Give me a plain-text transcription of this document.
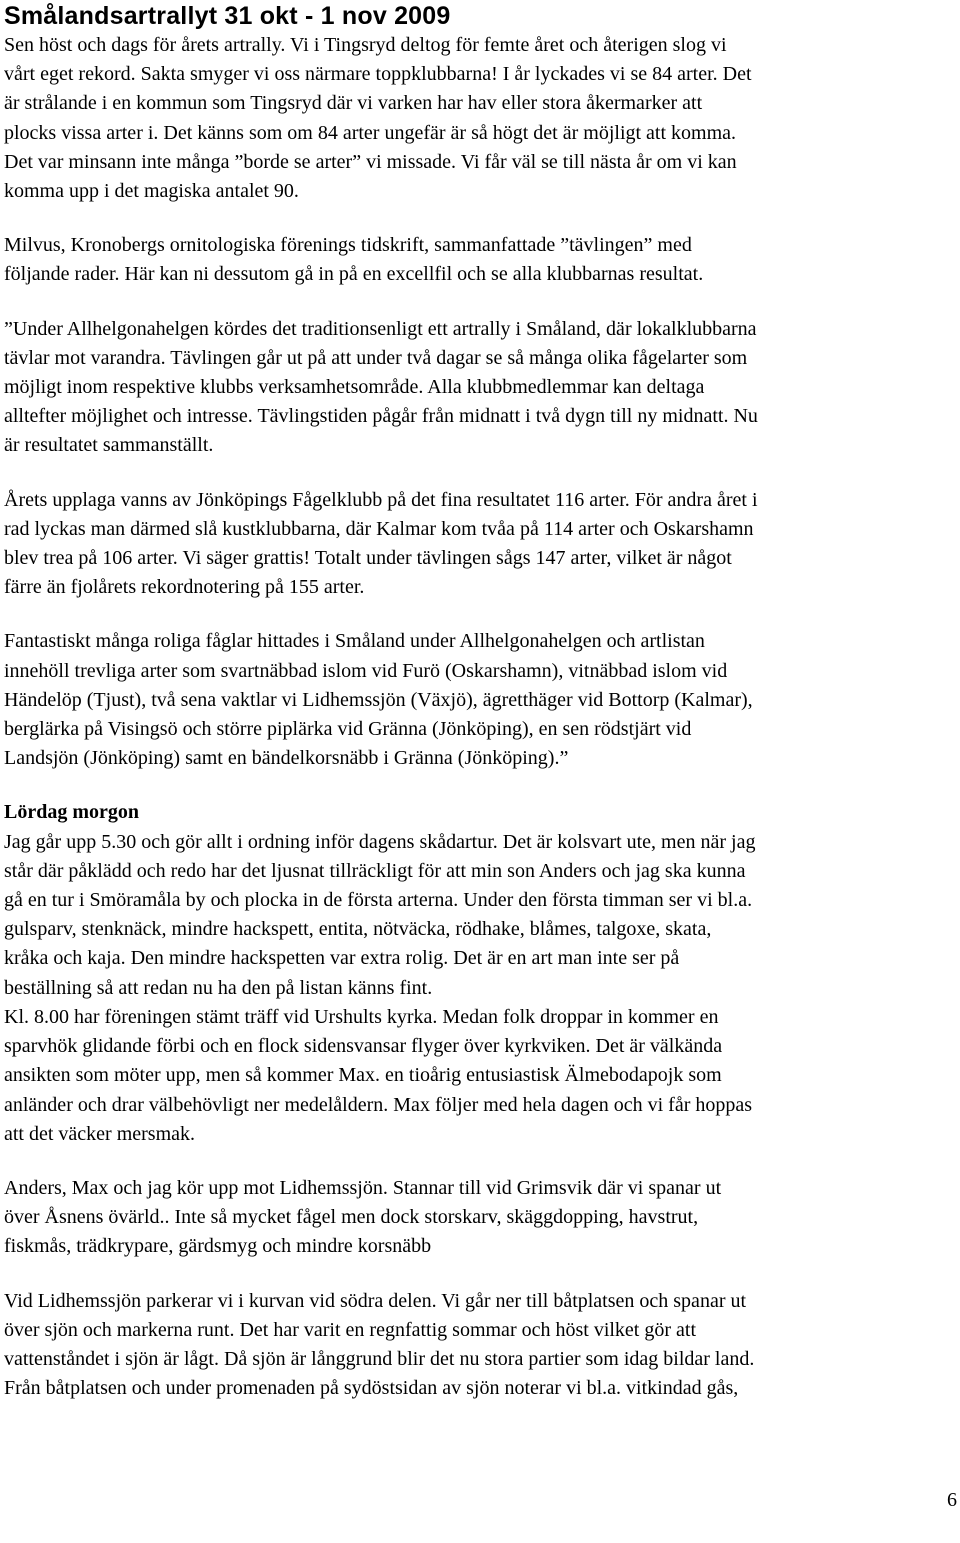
Smålandsartrallyt 31 okt - 1 nov 2009

Sen höst och dags för årets artrally. Vi i Tingsryd deltog för femte året och återigen slog vi
vårt eget rekord. Sakta smyger vi oss närmare toppklubbarna! I år lyckades vi se 84 arter. Det
är strålande i en kommun som Tingsryd där vi varken har hav eller stora åkermarker att
plocks vissa arter i. Det känns som om 84 arter ungefär är så högt det är möjligt att komma.
Det var minsann inte många ”borde se arter” vi missade. Vi får väl se till nästa år om vi kan
komma upp i det magiska antalet 90.

Milvus, Kronobergs ornitologiska förenings tidskrift, sammanfattade ”tävlingen” med
följande rader. Här kan ni dessutom gå in på en excellfil och se alla klubbarnas resultat.

”Under Allhelgonahelgen kördes det traditionsenligt ett artrally i Småland, där lokalklubbarna
tävlar mot varandra. Tävlingen går ut på att under två dagar se så många olika fågelarter som
möjligt inom respektive klubbs verksamhetsområde. Alla klubbmedlemmar kan deltaga
alltefter möjlighet och intresse. Tävlingstiden pågår från midnatt i två dygn till ny midnatt. Nu
är resultatet sammanställt.

Årets upplaga vanns av Jönköpings Fågelklubb på det fina resultatet 116 arter. För andra året i
rad lyckas man därmed slå kustklubbarna, där Kalmar kom tvåa på 114 arter och Oskarshamn
blev trea på 106 arter. Vi säger grattis! Totalt under tävlingen sågs 147 arter, vilket är något
färre än fjolårets rekordnotering på 155 arter.

Fantastiskt många roliga fåglar hittades i Småland under Allhelgonahelgen och artlistan
innehöll trevliga arter som svartnäbbad islom vid Furö (Oskarshamn), vitnäbbad islom vid
Händelöp (Tjust), två sena vaktlar vi Lidhemssjön (Växjö), ägretthäger vid Bottorp (Kalmar),
berglärka på Visingsö och större piplärka vid Gränna (Jönköping), en sen rödstjärt vid
Landsjön (Jönköping) samt en bändelkorsnäbb i Gränna (Jönköping).”

Lördag morgon

Jag går upp 5.30 och gör allt i ordning inför dagens skådartur. Det är kolsvart ute, men när jag
står där påklädd och redo har det ljusnat tillräckligt för att min son Anders och jag ska kunna
gå en tur i Smöramåla by och plocka in de första arterna. Under den första timman ser vi bl.a.
gulsparv, stenknäck, mindre hackspett, entita, nötväcka, rödhake, blåmes, talgoxe, skata,
kråka och kaja. Den mindre hackspetten var extra rolig. Det är en art man inte ser på
beställning så att redan nu ha den på listan känns fint.
Kl. 8.00 har föreningen stämt träff vid Urshults kyrka. Medan folk droppar in kommer en
sparvhök glidande förbi och en flock sidensvansar flyger över kyrkviken. Det är välkända
ansikten som möter upp, men så kommer Max. en tioårig entusiastisk Älmebodapojk som
anländer och drar välbehövligt ner medelåldern. Max följer med hela dagen och vi får hoppas
att det väcker mersmak.

Anders, Max och jag kör upp mot Lidhemssjön. Stannar till vid Grimsvik där vi spanar ut
över Åsnens övärld.. Inte så mycket fågel men dock storskarv, skäggdopping, havstrut,
fiskmås, trädkrypare, gärdsmyg och mindre korsnäbb

Vid Lidhemssjön parkerar vi i kurvan vid södra delen. Vi går ner till båtplatsen och spanar ut
över sjön och markerna runt. Det har varit en regnfattig sommar och höst vilket gör att
vattenståndet i sjön är lågt. Då sjön är långgrund blir det nu stora partier som idag bildar land.
Från båtplatsen och under promenaden på sydöstsidan av sjön noterar vi bl.a. vitkindad gås,

6
